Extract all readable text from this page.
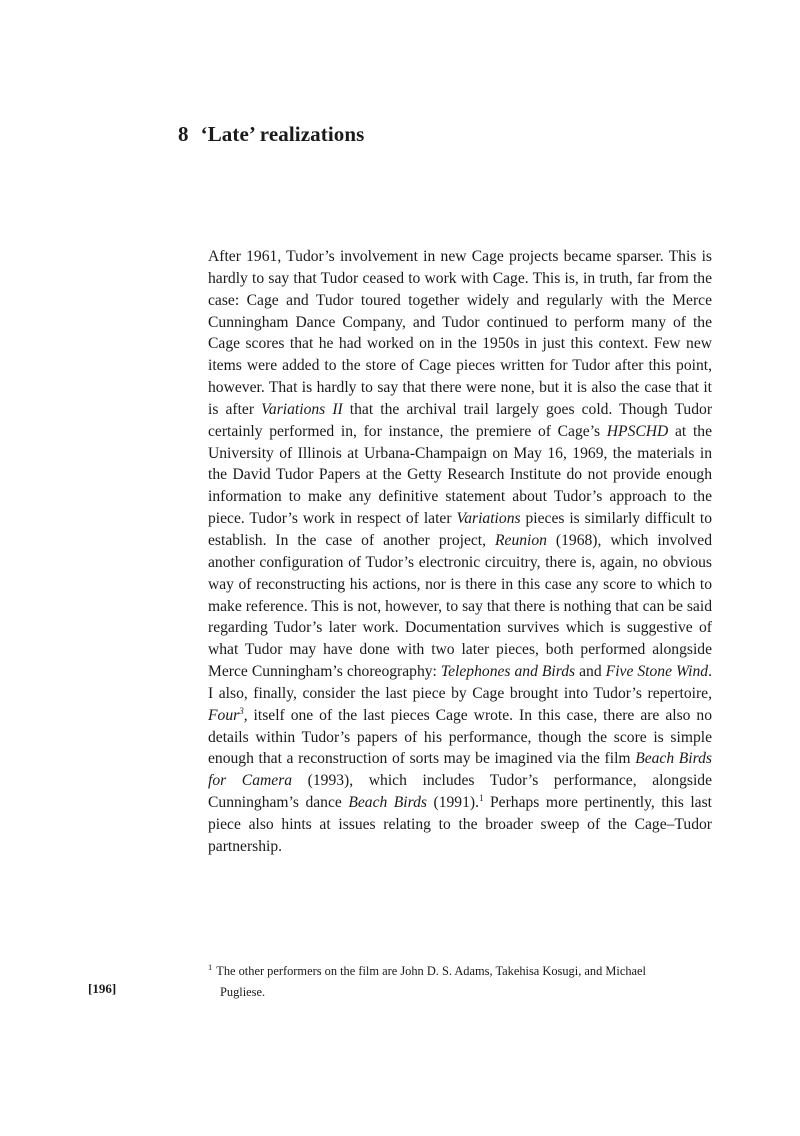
8 ‘Late’ realizations

After 1961, Tudor’s involvement in new Cage projects became sparser. This is hardly to say that Tudor ceased to work with Cage. This is, in truth, far from the case: Cage and Tudor toured together widely and regularly with the Merce Cunningham Dance Company, and Tudor continued to perform many of the Cage scores that he had worked on in the 1950s in just this context. Few new items were added to the store of Cage pieces written for Tudor after this point, however. That is hardly to say that there were none, but it is also the case that it is after Variations II that the archival trail largely goes cold. Though Tudor certainly performed in, for instance, the premiere of Cage’s HPSCHD at the University of Illinois at Urbana-Champaign on May 16, 1969, the materials in the David Tudor Papers at the Getty Research Institute do not provide enough information to make any definitive statement about Tudor’s approach to the piece. Tudor’s work in respect of later Variations pieces is similarly difficult to establish. In the case of another project, Reunion (1968), which involved another configuration of Tudor’s electronic circuitry, there is, again, no obvious way of reconstructing his actions, nor is there in this case any score to which to make reference. This is not, however, to say that there is nothing that can be said regarding Tudor’s later work. Documentation survives which is suggestive of what Tudor may have done with two later pieces, both performed alongside Merce Cunningham’s choreography: Telephones and Birds and Five Stone Wind. I also, finally, consider the last piece by Cage brought into Tudor’s repertoire, Four$^3$, itself one of the last pieces Cage wrote. In this case, there are also no details within Tudor’s papers of his performance, though the score is simple enough that a reconstruction of sorts may be imagined via the film Beach Birds for Camera (1993), which includes Tudor’s performance, alongside Cunningham’s dance Beach Birds (1991).$^1$ Perhaps more pertinently, this last piece also hints at issues relating to the broader sweep of the Cage–Tudor partnership.

$^1$ The other performers on the film are John D. S. Adams, Takehisa Kosugi, and Michael
Pugliese.

[196]
